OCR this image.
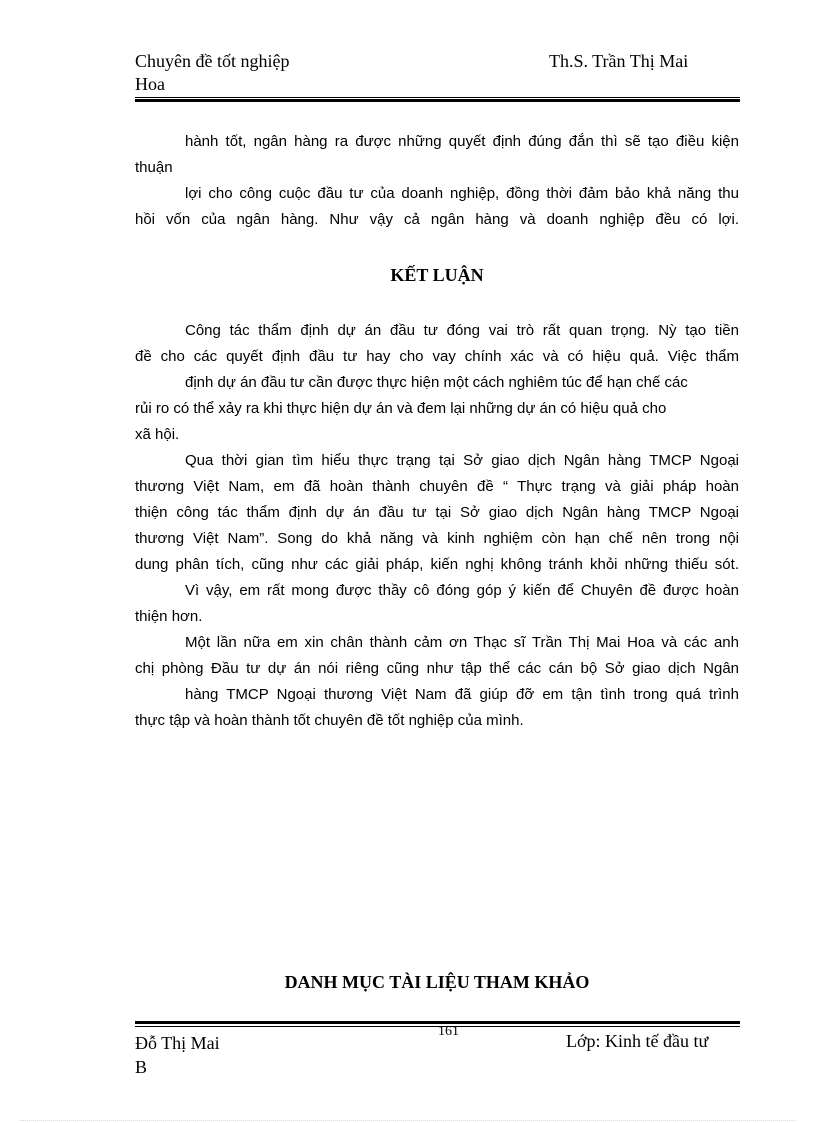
Chuyên đề tốt nghiệp
Hoa
Th.S. Trần Thị Mai
hành tốt, ngân hàng ra được những quyết định đúng đắn thì sẽ tạo điều kiện
thuận
lợi cho công cuộc đầu tư của doanh nghiệp, đồng thời đảm bảo khả năng thu
hồi vốn của ngân hàng. Như vậy cả ngân hàng và doanh nghiệp đều có lợi.
KẾT LUẬN
Công tác thẩm định dự án đầu tư đóng vai trò rất quan trọng. Nỳ tạo tiền
đề cho các quyết định đầu tư hay cho vay chính xác và có hiệu quả. Việc thẩm
định dự án đầu tư cần được thực hiện một cách nghiêm túc để hạn chế các
rủi ro có thể xảy ra khi thực hiện dự án và đem lại những dự án có hiệu quả cho
xã hội.
Qua thời gian tìm hiểu thực trạng tại Sở giao dịch Ngân hàng TMCP Ngoại
thương Việt Nam, em đã hoàn thành chuyên đề “ Thực trạng và giải pháp hoàn
thiện công tác thẩm định dự án đầu tư tại Sở giao dịch Ngân hàng TMCP Ngoại
thương Việt Nam”. Song do khả năng và kinh nghiệm còn hạn chế nên trong nội
dung phân tích, cũng như các giải pháp, kiến nghị không tránh khỏi những thiếu sót.
Vì vậy, em rất mong được thầy cô đóng góp ý kiến để Chuyên đề được hoàn
thiện hơn.
Một lần nữa em xin chân thành cảm ơn Thạc sĩ Trần Thị Mai Hoa và các anh
chị phòng Đầu tư dự án nói riêng cũng như tập thể các cán bộ Sở giao dịch Ngân
hàng TMCP Ngoại thương Việt Nam đã giúp đỡ em tận tình trong quá trình
thực tập và hoàn thành tốt chuyên đề tốt nghiệp của mình.
DANH MỤC TÀI LIỆU THAM KHẢO
161
Đỗ Thị Mai
B
Lớp: Kinh tế đầu tư
